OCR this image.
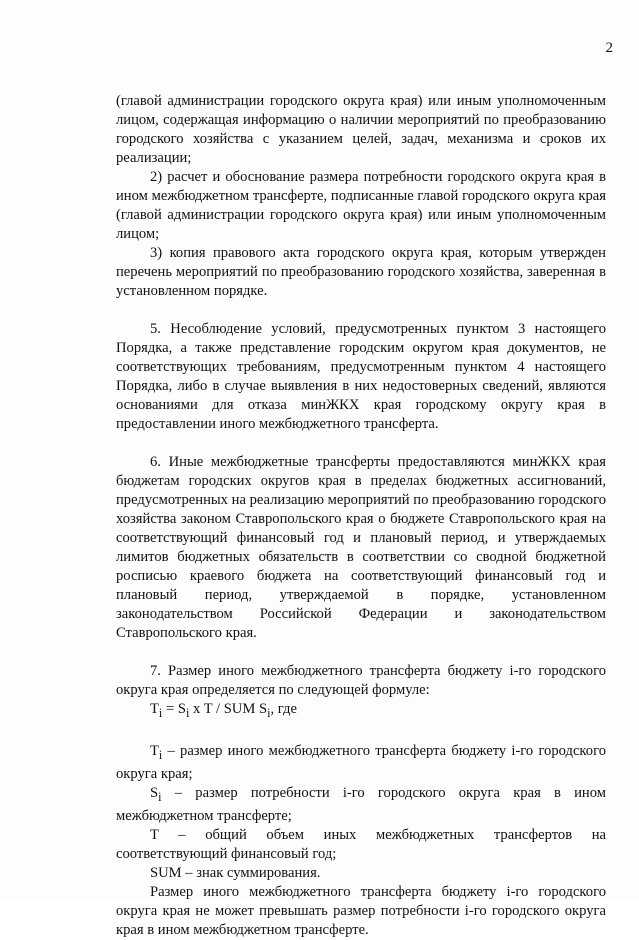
2

(главой администрации городского округа края) или иным уполномоченным лицом, содержащая информацию о наличии мероприятий по преобразованию городского хозяйства с указанием целей, задач, механизма и сроков их реализации;

2) расчет и обоснование размера потребности городского округа края в ином межбюджетном трансферте, подписанные главой городского округа края (главой администрации городского округа края) или иным уполномоченным лицом;

3) копия правового акта городского округа края, которым утвержден перечень мероприятий по преобразованию городского хозяйства, заверенная в установленном порядке.

5. Несоблюдение условий, предусмотренных пунктом 3 настоящего Порядка, а также представление городским округом края документов, не соответствующих требованиям, предусмотренным пунктом 4 настоящего Порядка, либо в случае выявления в них недостоверных сведений, являются основаниями для отказа минЖКХ края городскому округу края в предоставлении иного межбюджетного трансферта.

6. Иные межбюджетные трансферты предоставляются минЖКХ края бюджетам городских округов края в пределах бюджетных ассигнований, предусмотренных на реализацию мероприятий по преобразованию городского хозяйства законом Ставропольского края о бюджете Ставропольского края на соответствующий финансовый год и плановый период, и утверждаемых лимитов бюджетных обязательств в соответствии со сводной бюджетной росписью краевого бюджета на соответствующий финансовый год и плановый период, утверждаемой в порядке, установленном законодательством Российской Федерации и законодательством Ставропольского края.

7. Размер иного межбюджетного трансферта бюджету i-го городского округа края определяется по следующей формуле:

$T_i = S_i$ x T / SUM $S_i$, где

$T_i$ – размер иного межбюджетного трансферта бюджету i-го городского округа края;

$S_i$ – размер потребности i-го городского округа края в ином межбюджетном трансферте;

T – общий объем иных межбюджетных трансфертов на соответствующий финансовый год;

SUM – знак суммирования.

Размер иного межбюджетного трансферта бюджету i-го городского округа края не может превышать размер потребности i-го городского округа края в ином межбюджетном трансферте.
